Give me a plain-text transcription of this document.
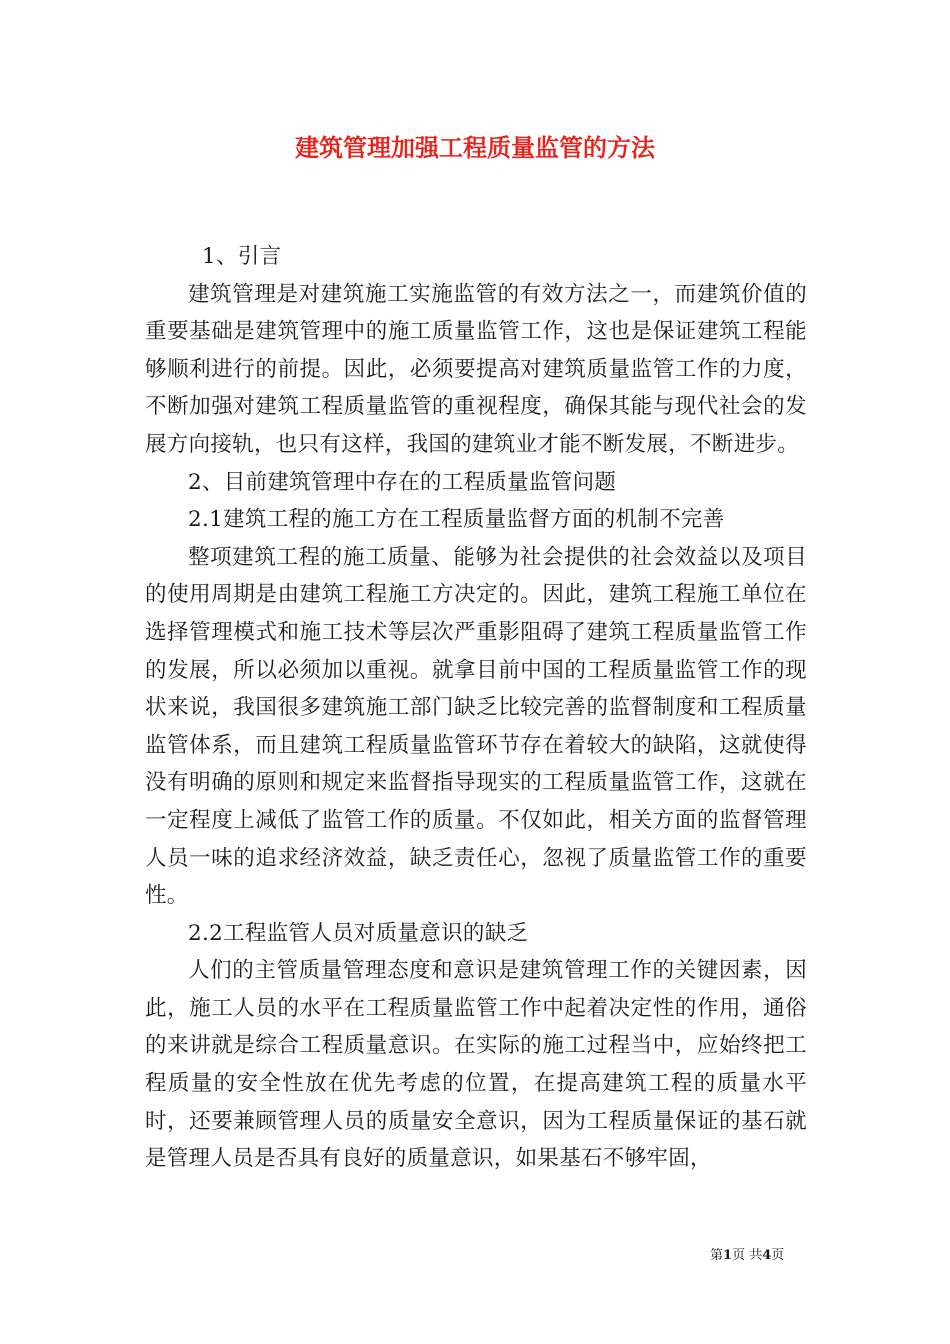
建筑管理加强工程质量监管的方法

1、引言

建筑管理是对建筑施工实施监管的有效方法之一，而建筑价值的重要基础是建筑管理中的施工质量监管工作，这也是保证建筑工程能够顺利进行的前提。因此，必须要提高对建筑质量监管工作的力度，不断加强对建筑工程质量监管的重视程度，确保其能与现代社会的发展方向接轨，也只有这样，我国的建筑业才能不断发展，不断进步。

2、目前建筑管理中存在的工程质量监管问题

2.1建筑工程的施工方在工程质量监督方面的机制不完善

整项建筑工程的施工质量、能够为社会提供的社会效益以及项目的使用周期是由建筑工程施工方决定的。因此，建筑工程施工单位在选择管理模式和施工技术等层次严重影阻碍了建筑工程质量监管工作的发展，所以必须加以重视。就拿目前中国的工程质量监管工作的现状来说，我国很多建筑施工部门缺乏比较完善的监督制度和工程质量监管体系，而且建筑工程质量监管环节存在着较大的缺陷，这就使得没有明确的原则和规定来监督指导现实的工程质量监管工作，这就在一定程度上减低了监管工作的质量。不仅如此，相关方面的监督管理人员一味的追求经济效益，缺乏责任心，忽视了质量监管工作的重要性。

2.2工程监管人员对质量意识的缺乏

人们的主管质量管理态度和意识是建筑管理工作的关键因素，因此，施工人员的水平在工程质量监管工作中起着决定性的作用，通俗的来讲就是综合工程质量意识。在实际的施工过程当中，应始终把工程质量的安全性放在优先考虑的位置，在提高建筑工程的质量水平时，还要兼顾管理人员的质量安全意识，因为工程质量保证的基石就是管理人员是否具有良好的质量意识，如果基石不够牢固，

第1页 共4页
